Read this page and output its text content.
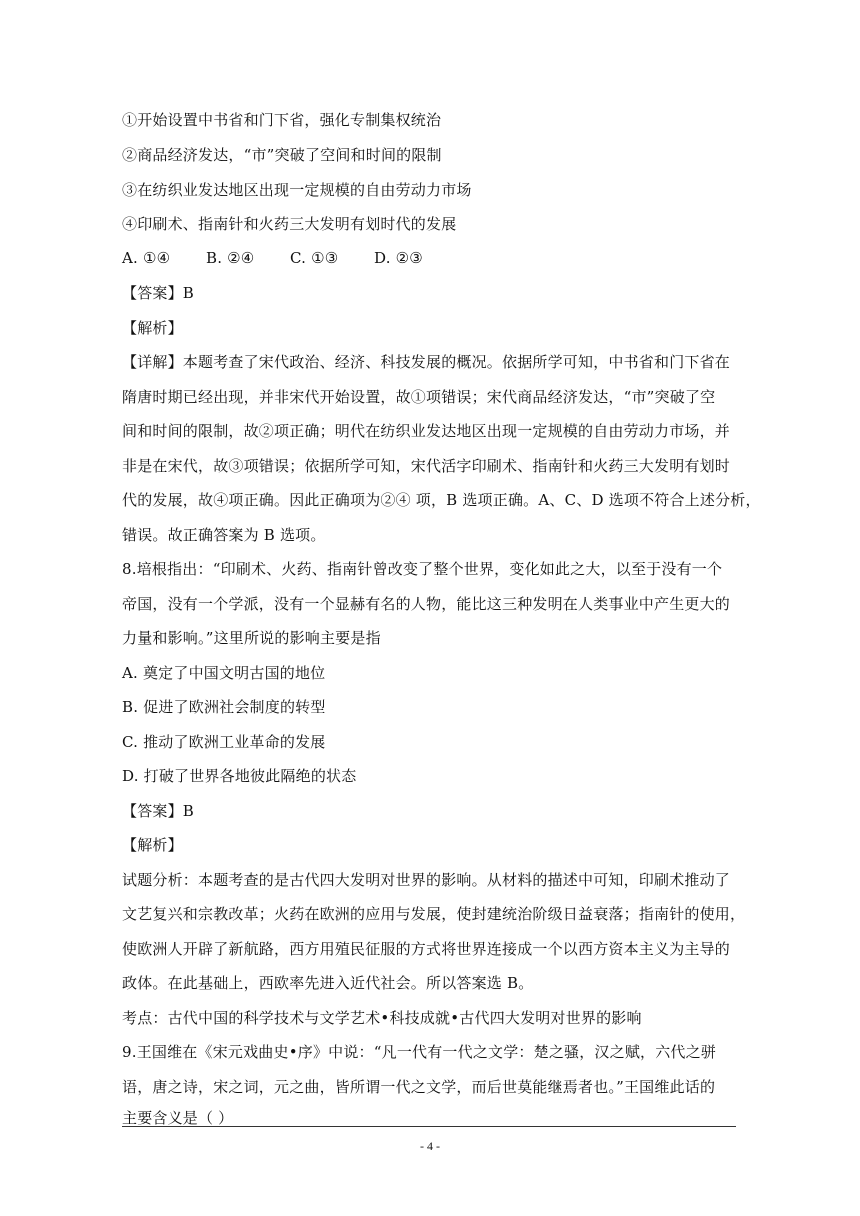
①开始设置中书省和门下省，强化专制集权统治
②商品经济发达，“市”突破了空间和时间的限制
③在纺织业发达地区出现一定规模的自由劳动力市场
④印刷术、指南针和火药三大发明有划时代的发展
A. ①④ B. ②④ C. ①③ D. ②③
【答案】B
【解析】
【详解】本题考查了宋代政治、经济、科技发展的概况。依据所学可知，中书省和门下省在
隋唐时期已经出现，并非宋代开始设置，故①项错误；宋代商品经济发达，“市”突破了空
间和时间的限制，故②项正确；明代在纺织业发达地区出现一定规模的自由劳动力市场，并
非是在宋代，故③项错误；依据所学可知，宋代活字印刷术、指南针和火药三大发明有划时
代的发展，故④项正确。因此正确项为②④ 项，B 选项正确。A、C、D 选项不符合上述分析，
错误。故正确答案为 B 选项。
8.培根指出：“印刷术、火药、指南针曾改变了整个世界，变化如此之大，以至于没有一个
帝国，没有一个学派，没有一个显赫有名的人物，能比这三种发明在人类事业中产生更大的
力量和影响。”这里所说的影响主要是指
A. 奠定了中国文明古国的地位
B. 促进了欧洲社会制度的转型
C. 推动了欧洲工业革命的发展
D. 打破了世界各地彼此隔绝的状态
【答案】B
【解析】
试题分析：本题考查的是古代四大发明对世界的影响。从材料的描述中可知，印刷术推动了
文艺复兴和宗教改革；火药在欧洲的应用与发展，使封建统治阶级日益衰落；指南针的使用，
使欧洲人开辟了新航路，西方用殖民征服的方式将世界连接成一个以西方资本主义为主导的
政体。在此基础上，西欧率先进入近代社会。所以答案选 B。
考点：古代中国的科学技术与文学艺术•科技成就•古代四大发明对世界的影响
9.王国维在《宋元戏曲史•序》中说：“凡一代有一代之文学：楚之骚，汉之赋，六代之骈
语，唐之诗，宋之词，元之曲，皆所谓一代之文学，而后世莫能继焉者也。”王国维此话的
主要含义是（ ）
- 4 -
